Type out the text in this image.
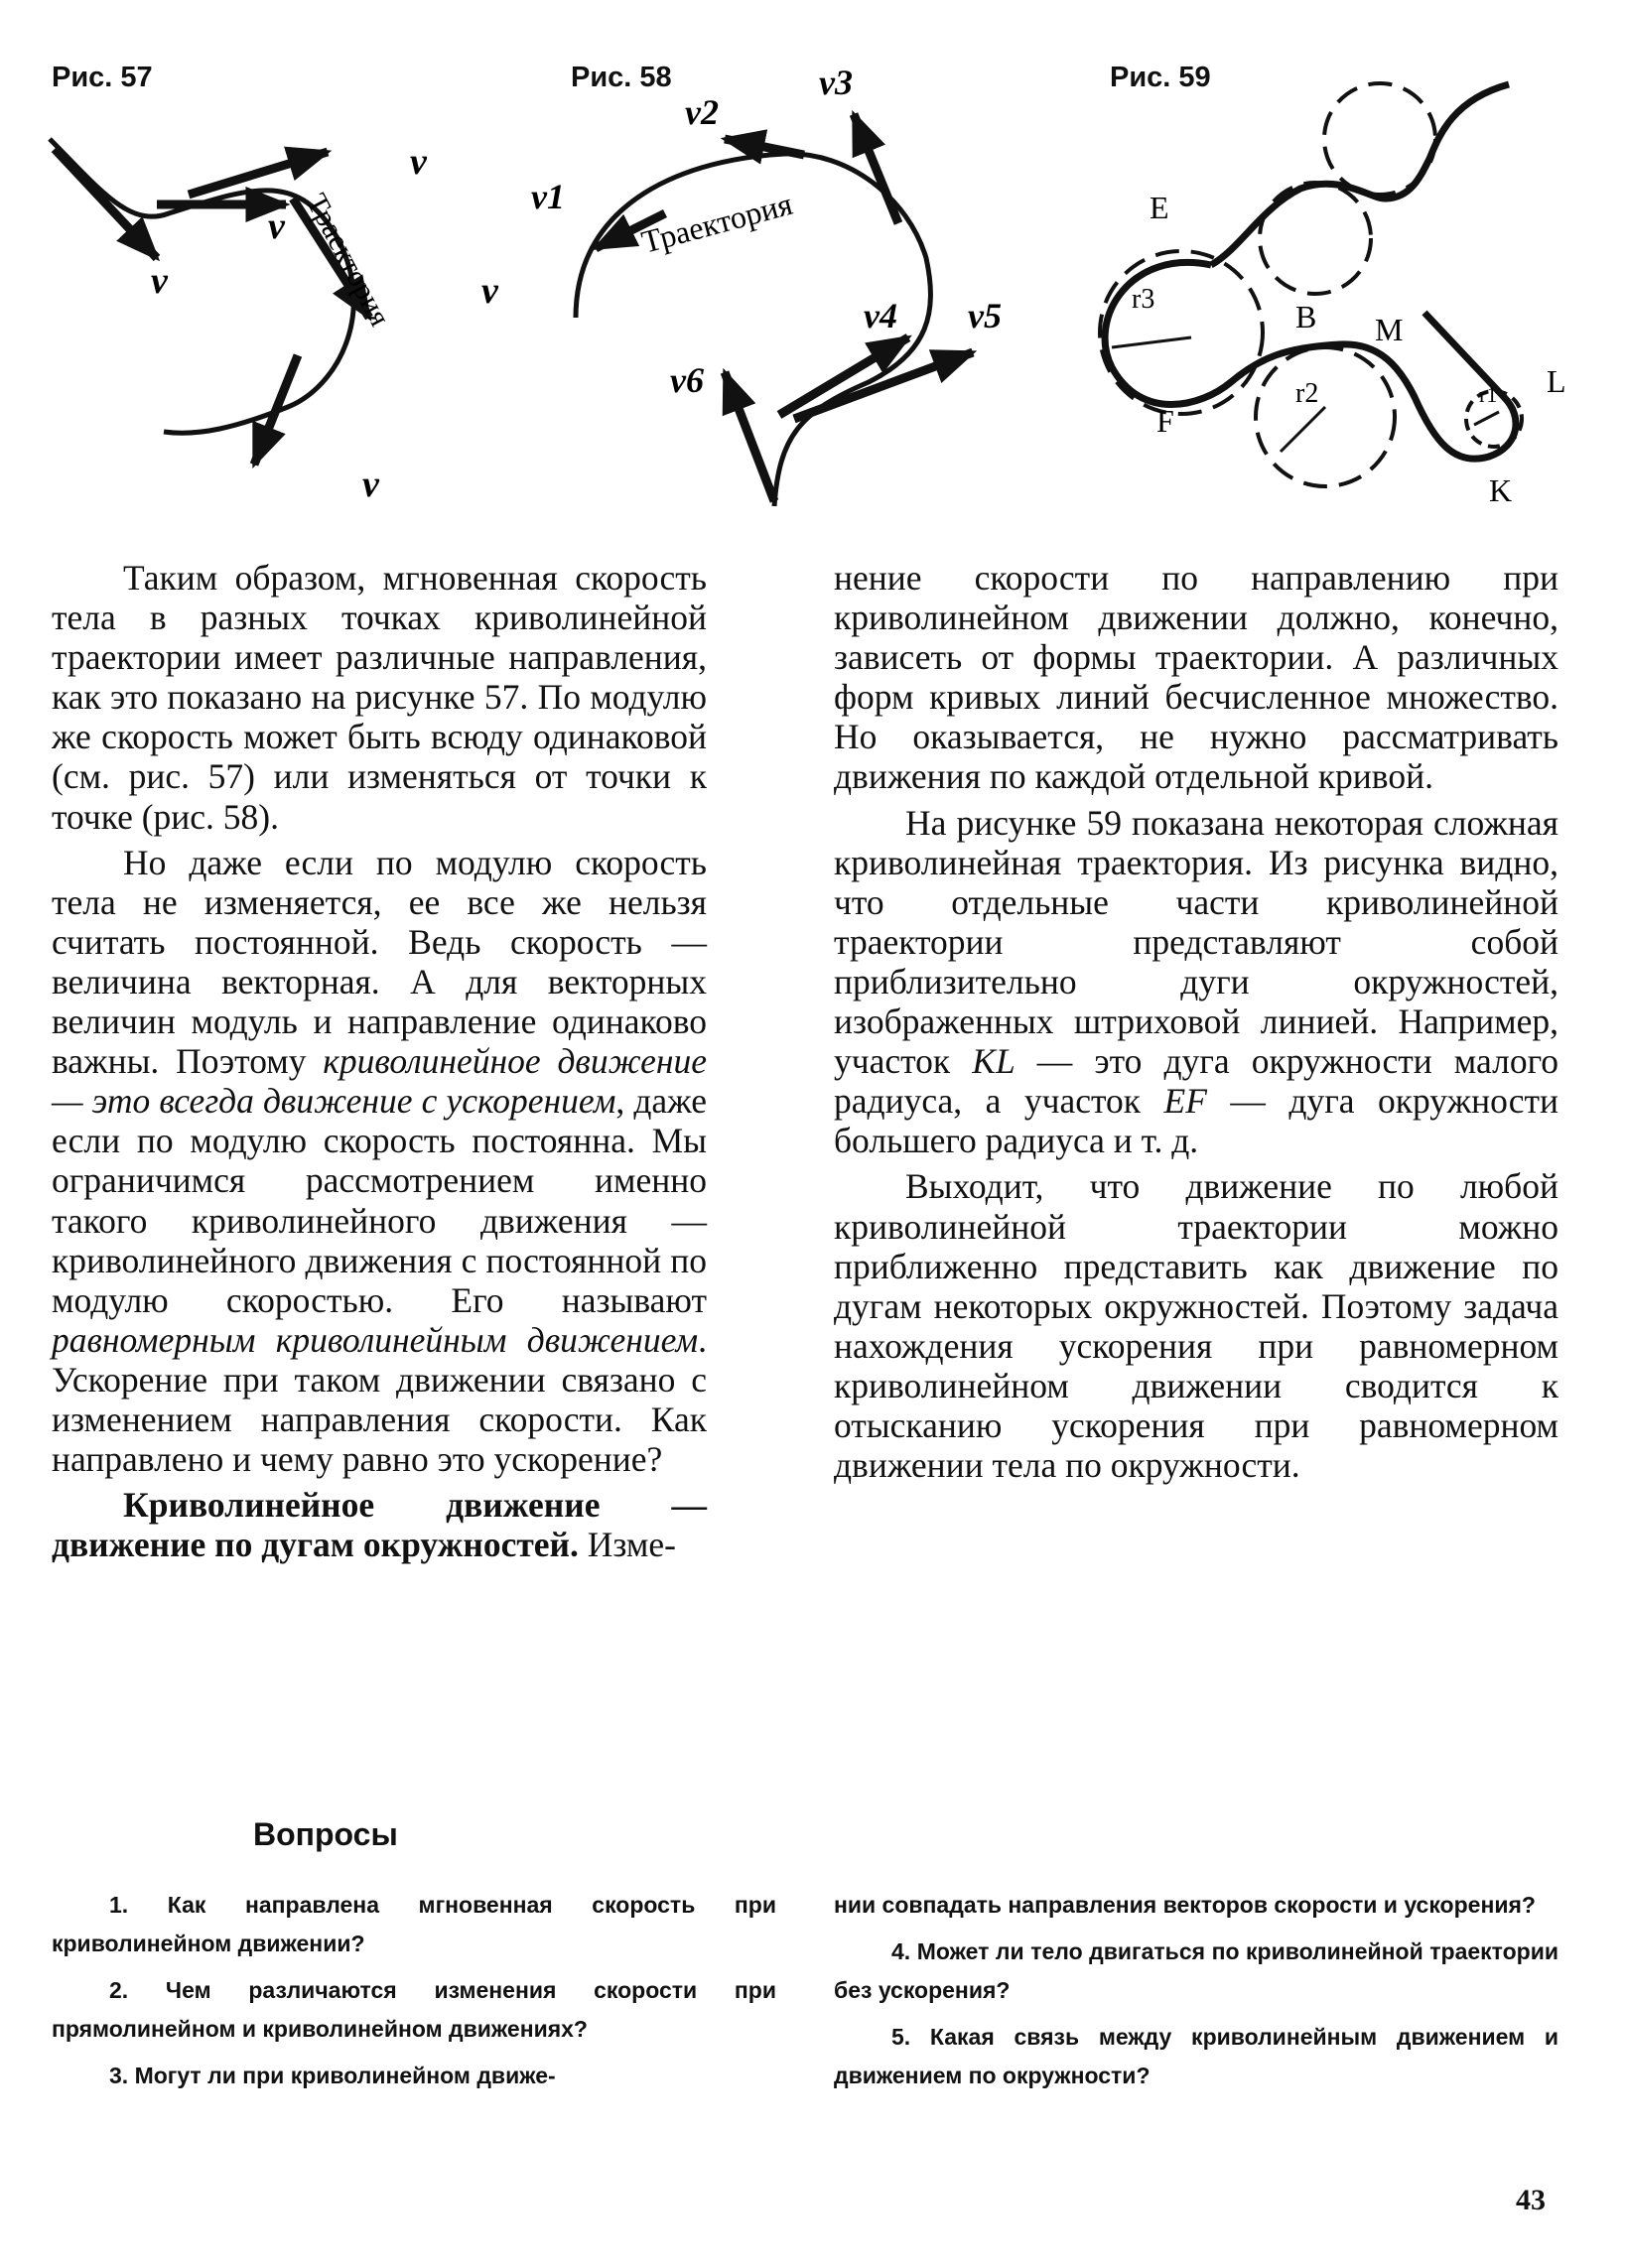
Рис. 57	Рис. 58	Рис. 59
v
v
v
v
v
Траектория	v1
v2
v3
v4 v5
v6
Траектория	E
F
B M
L
K
r3
r2	r1

Таким образом, мгновенная скорость тела в разных точках криволинейной траектории имеет различные направления, как это показано на рисунке 57. По модулю же скорость может быть всюду одинаковой (см. рис. 57) или изменяться от точки к точке (рис. 58).

Но даже если по модулю скорость тела не изменяется, ее все же нельзя считать постоянной. Ведь скорость — величина векторная. А для векторных величин модуль и направление одинаково важны. Поэтому криволинейное движение — это всегда движение с ускорением, даже если по модулю скорость постоянна. Мы ограничимся рассмотрением именно такого криволинейного движения — криволинейного движения с постоянной по модулю скоростью. Его называют равномерным криволинейным движением. Ускорение при таком движении связано с изменением направления скорости. Как направлено и чему равно это ускорение?

Криволинейное движение — движение по дугам окружностей. Изме-

нение скорости по направлению при криволинейном движении должно, конечно, зависеть от формы траектории. А различных форм кривых линий бесчисленное множество. Но оказывается, не нужно рассматривать движения по каждой отдельной кривой.

На рисунке 59 показана некоторая сложная криволинейная траектория. Из рисунка видно, что отдельные части криволинейной траектории представляют собой приблизительно дуги окружностей, изображенных штриховой линией. Например, участок KL — это дуга окружности малого радиуса, а участок EF — дуга окружности большего радиуса и т. д.

Выходит, что движение по любой криволинейной траектории можно приближенно представить как движение по дугам некоторых окружностей. Поэтому задача нахождения ускорения при равномерном криволинейном движении сводится к отысканию ускорения при равномерном движении тела по окружности.

Вопросы

1. Как направлена мгновенная скорость при криволинейном движении?

2. Чем различаются изменения скорости при прямолинейном и криволинейном движениях?

3. Могут ли при криволинейном движе-

нии совпадать направления векторов скорости и ускорения?

4. Может ли тело двигаться по криволинейной траектории без ускорения?

5. Какая связь между криволинейным движением и движением по окружности?

43
